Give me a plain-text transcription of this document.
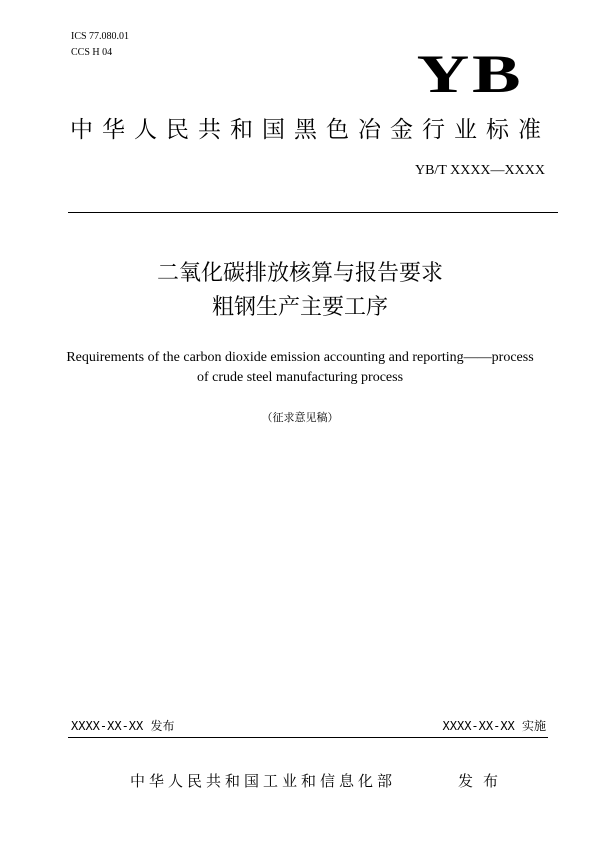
ICS 77.080.01
CCS H 04	YB
中华人民共和国黑色冶金行业标准
YB/T XXXX—XXXX
二氧化碳排放核算与报告要求
粗钢生产主要工序
Requirements of the carbon dioxide emission accounting and reporting——process
of crude steel manufacturing process
（征求意见稿）
XXXX-XX-XX 发布	XXXX-XX-XX 实施
中华人民共和国工业和信息化部	发布
